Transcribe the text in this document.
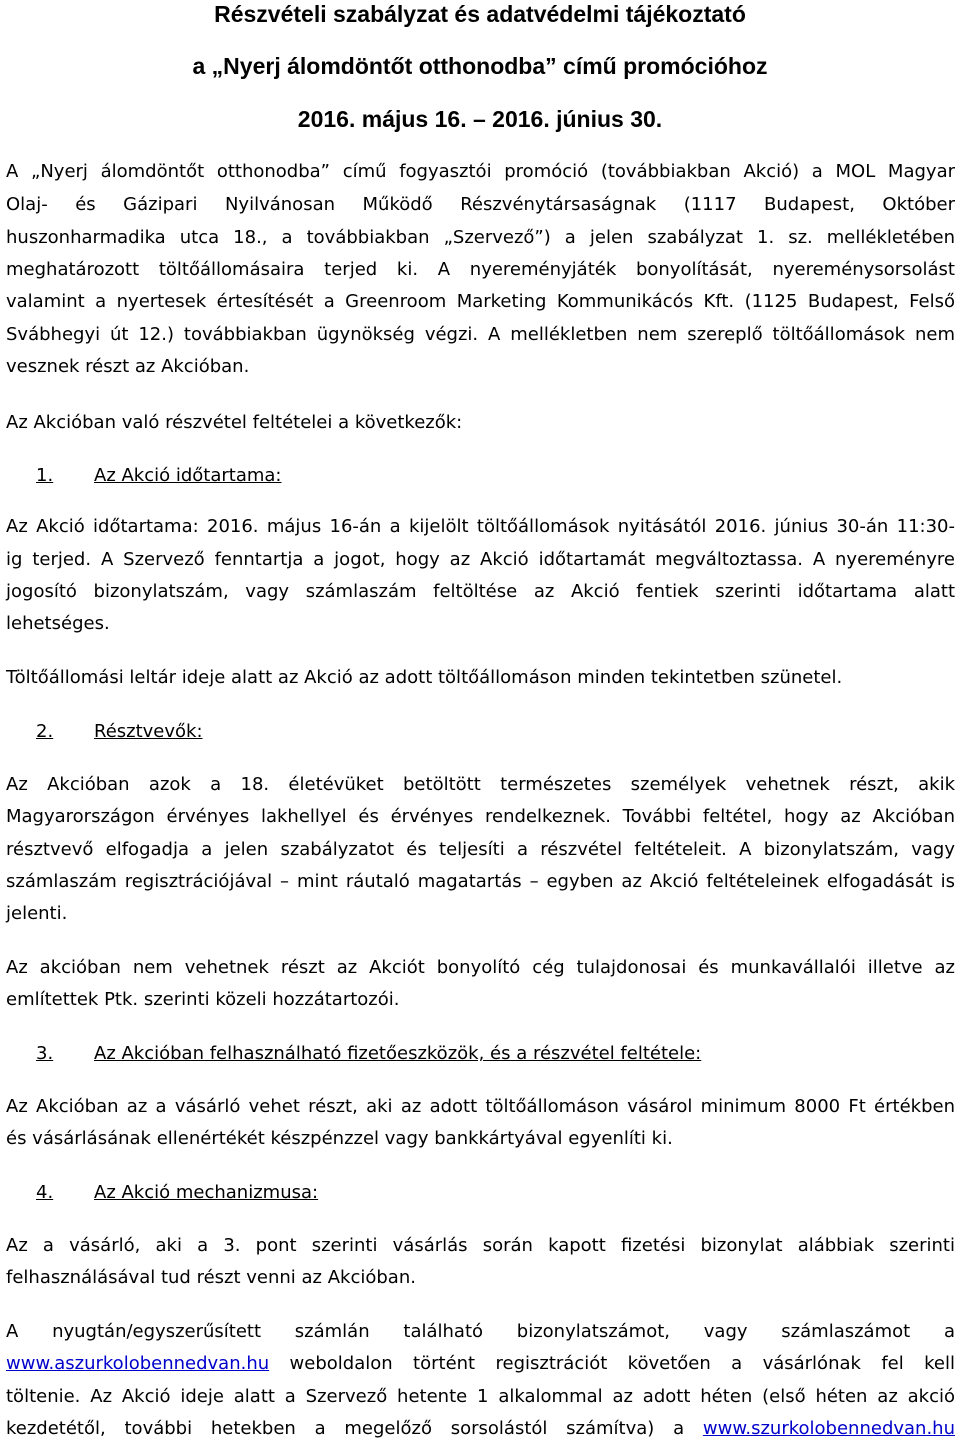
Részvételi szabályzat és adatvédelmi tájékoztató
a „Nyerj álomdöntőt otthonodba” című promócióhoz
2016. május 16. – 2016. június 30.
A „Nyerj álomdöntőt otthonodba” című fogyasztói promóció (továbbiakban Akció) a MOL Magyar
Olaj- és Gázipari Nyilvánosan Működő Részvénytársaságnak (1117 Budapest, Október
huszonharmadika utca 18., a továbbiakban „Szervező”) a jelen szabályzat 1. sz. mellékletében
meghatározott töltőállomásaira terjed ki. A nyereményjáték bonyolítását, nyereménysorsolást
valamint a nyertesek értesítését a Greenroom Marketing Kommunikácós Kft. (1125 Budapest, Felső
Svábhegyi út 12.) továbbiakban ügynökség végzi. A mellékletben nem szereplő töltőállomások nem
vesznek részt az Akcióban.
Az Akcióban való részvétel feltételei a következők:
1. Az Akció időtartama:
Az Akció időtartama: 2016. május 16-án a kijelölt töltőállomások nyitásától 2016. június 30-án 11:30-
ig terjed. A Szervező fenntartja a jogot, hogy az Akció időtartamát megváltoztassa. A nyereményre
jogosító bizonylatszám, vagy számlaszám feltöltése az Akció fentiek szerinti időtartama alatt
lehetséges.
Töltőállomási leltár ideje alatt az Akció az adott töltőállomáson minden tekintetben szünetel.
2. Résztvevők:
Az Akcióban azok a 18. életévüket betöltött természetes személyek vehetnek részt, akik
Magyarországon érvényes lakhellyel és érvényes rendelkeznek. További feltétel, hogy az Akcióban
résztvevő elfogadja a jelen szabályzatot és teljesíti a részvétel feltételeit. A bizonylatszám, vagy
számlaszám regisztrációjával – mint ráutaló magatartás – egyben az Akció feltételeinek elfogadását is
jelenti.
Az akcióban nem vehetnek részt az Akciót bonyolító cég tulajdonosai és munkavállalói illetve az
említettek Ptk. szerinti közeli hozzátartozói.
3. Az Akcióban felhasználható fizetőeszközök, és a részvétel feltétele:
Az Akcióban az a vásárló vehet részt, aki az adott töltőállomáson vásárol minimum 8000 Ft értékben
és vásárlásának ellenértékét készpénzzel vagy bankkártyával egyenlíti ki.
4. Az Akció mechanizmusa:
Az a vásárló, aki a 3. pont szerinti vásárlás során kapott fizetési bizonylat alábbiak szerinti
felhasználásával tud részt venni az Akcióban.
A nyugtán/egyszerűsített számlán található bizonylatszámot, vagy számlaszámot a
www.aszurkolobennedvan.hu weboldalon történt regisztrációt követően a vásárlónak fel kell
töltenie. Az Akció ideje alatt a Szervező hetente 1 alkalommal az adott héten (első héten az akció
kezdetétől, további hetekben a megelőző sorsolástól számítva) a www.szurkolobennedvan.hu
